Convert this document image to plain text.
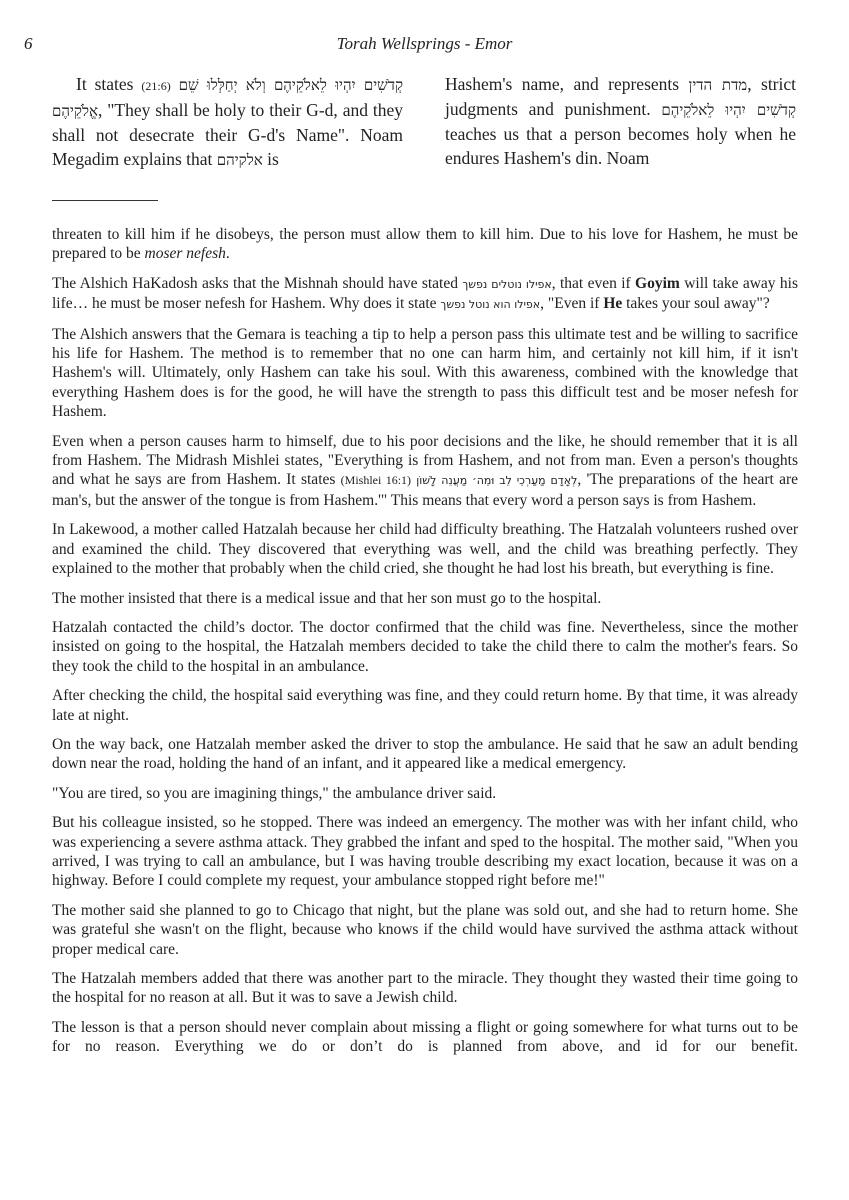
6	Torah Wellsprings - Emor

It states (21:6) קְדֹשִׁים יִהְיוּ לֵאלֹקֵיהֶם וְלֹא יְחַלְּלוּ שֵׁם אֱלֹקֵיהֶם, "They shall be holy to their G-d, and they shall not desecrate their G-d's Name". Noam Megadim explains that אלקיהם is

Hashem's name, and represents מדת הדין, strict judgments and punishment. קְדֹשִׁים יִהְיוּ לֵאלֹקֵיהֶם teaches us that a person becomes holy when he endures Hashem's din. Noam

threaten to kill him if he disobeys, the person must allow them to kill him. Due to his love for Hashem, he must be prepared to be moser nefesh.

The Alshich HaKadosh asks that the Mishnah should have stated אפילו נוטלים נפשך, that even if Goyim will take away his life… he must be moser nefesh for Hashem. Why does it state אפילו הוא נוטל נפשך, "Even if He takes your soul away"?

The Alshich answers that the Gemara is teaching a tip to help a person pass this ultimate test and be willing to sacrifice his life for Hashem. The method is to remember that no one can harm him, and certainly not kill him, if it isn't Hashem's will. Ultimately, only Hashem can take his soul. With this awareness, combined with the knowledge that everything Hashem does is for the good, he will have the strength to pass this difficult test and be moser nefesh for Hashem.

Even when a person causes harm to himself, due to his poor decisions and the like, he should remember that it is all from Hashem. The Midrash Mishlei states, "Everything is from Hashem, and not from man. Even a person's thoughts and what he says are from Hashem. It states (Mishlei 16:1) לְאָדָם מַעַרְכֵי לֵב וּמֵה׳ מַעֲנֵה לָשׁוֹן, 'The preparations of the heart are man's, but the answer of the tongue is from Hashem.'" This means that every word a person says is from Hashem.

In Lakewood, a mother called Hatzalah because her child had difficulty breathing. The Hatzalah volunteers rushed over and examined the child. They discovered that everything was well, and the child was breathing perfectly. They explained to the mother that probably when the child cried, she thought he had lost his breath, but everything is fine.

The mother insisted that there is a medical issue and that her son must go to the hospital.

Hatzalah contacted the child’s doctor. The doctor confirmed that the child was fine. Nevertheless, since the mother insisted on going to the hospital, the Hatzalah members decided to take the child there to calm the mother's fears. So they took the child to the hospital in an ambulance.

After checking the child, the hospital said everything was fine, and they could return home. By that time, it was already late at night.

On the way back, one Hatzalah member asked the driver to stop the ambulance. He said that he saw an adult bending down near the road, holding the hand of an infant, and it appeared like a medical emergency.

"You are tired, so you are imagining things," the ambulance driver said.

But his colleague insisted, so he stopped. There was indeed an emergency. The mother was with her infant child, who was experiencing a severe asthma attack. They grabbed the infant and sped to the hospital. The mother said, "When you arrived, I was trying to call an ambulance, but I was having trouble describing my exact location, because it was on a highway. Before I could complete my request, your ambulance stopped right before me!"

The mother said she planned to go to Chicago that night, but the plane was sold out, and she had to return home. She was grateful she wasn't on the flight, because who knows if the child would have survived the asthma attack without proper medical care.

The Hatzalah members added that there was another part to the miracle. They thought they wasted their time going to the hospital for no reason at all. But it was to save a Jewish child.

The lesson is that a person should never complain about missing a flight or going somewhere for what turns out to be for no reason. Everything we do or don’t do is planned from above, and id for our benefit.
